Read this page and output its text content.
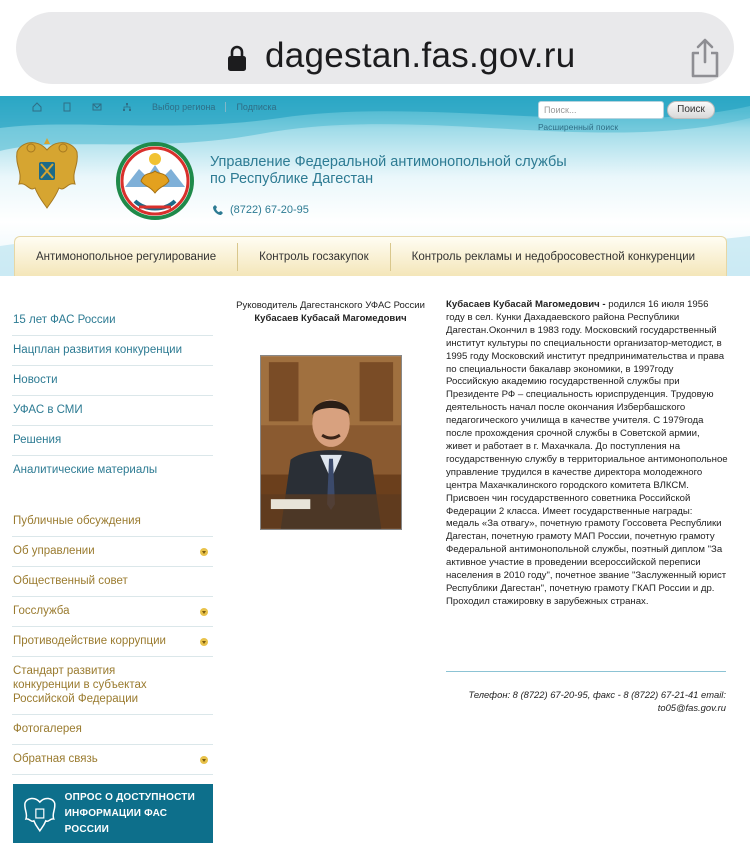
dagestan.fas.gov.ru
Выбор региона Подписка	Поиск...	Поиск
Расширенный поиск
Управление Федеральной антимонопольной службы
по Республике Дагестан
(8722) 67-20-95
Антимонопольное регулирование	Контроль госзакупок	Контроль рекламы и недобросовестной конкуренции
15 лет ФАС России
Нацплан развития конкуренции
Новости
УФАС в СМИ
Решения
Аналитические материалы
Публичные обсуждения
Об управлении
Общественный совет
Госслужба
Противодействие коррупции
Стандарт развития конкуренции в субъектах Российской Федерации
Фотогалерея
Обратная связь
ОПРОС О ДОСТУПНОСТИ
ИНФОРМАЦИИ ФАС РОССИИ
Руководитель Дагестанского УФАС России
Кубасаев Кубасай Магомедович
Кубасаев Кубасай Магомедович - родился 16 июля 1956 году в сел. Кунки Дахадаевского района Республики Дагестан.Окончил в 1983 году. Московский государственный институт культуры по специальности организатор-методист, в 1995 году Московский институт предпринимательства и права по специальности бакалавр экономики, в 1997году Российскую академию государственной службы при Президенте РФ – специальность юриспруденция. Трудовую деятельность начал после окончания Избербашского педагогического училища в качестве учителя. С 1979года после прохождения срочной службы в Советской армии, живет и работает в г. Махачкала. До поступления на государственную службу в территориальное антимонопольное управление трудился в качестве директора молодежного центра Махачкалинского городского комитета ВЛКСМ. Присвоен чин государственного советника Российской Федерации 2 класса. Имеет государственные награды: медаль «За отвагу», почетную грамоту Госсовета Республики Дагестан, почетную грамоту МАП России, почетную грамоту Федеральной антимонопольной службы, поэтный диплом "За активное участие в проведении всероссийской переписи населения в 2010 году", почетное звание "Заслуженный юрист Республики Дагестан", почетную грамоту ГКАП России и др. Проходил стажировку в зарубежных странах.
Телефон: 8 (8722) 67-20-95, факс - 8 (8722) 67-21-41 email: to05@fas.gov.ru
